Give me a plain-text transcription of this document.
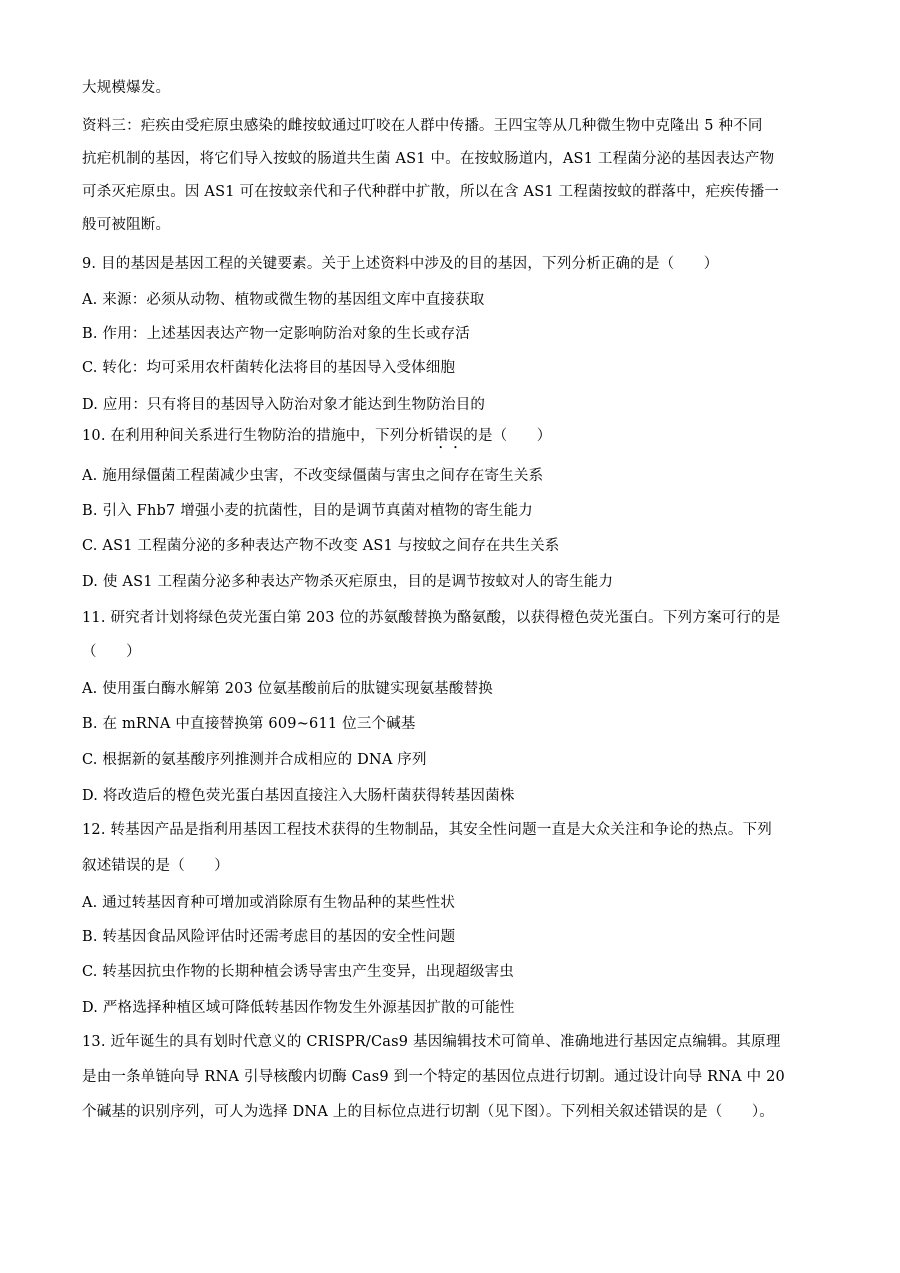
大规模爆发。
资料三：疟疾由受疟原虫感染的雌按蚊通过叮咬在人群中传播。王四宝等从几种微生物中克隆出 5 种不同
抗疟机制的基因，将它们导入按蚊的肠道共生菌 AS1 中。在按蚊肠道内，AS1 工程菌分泌的基因表达产物
可杀灭疟原虫。因 AS1 可在按蚊亲代和子代种群中扩散，所以在含 AS1 工程菌按蚊的群落中，疟疾传播一
般可被阻断。
9. 目的基因是基因工程的关键要素。关于上述资料中涉及的目的基因，下列分析正确的是（　　）
A. 来源：必须从动物、植物或微生物的基因组文库中直接获取
B. 作用：上述基因表达产物一定影响防治对象的生长或存活
C. 转化：均可采用农杆菌转化法将目的基因导入受体细胞
D. 应用：只有将目的基因导入防治对象才能达到生物防治目的
10. 在利用种间关系进行生物防治的措施中，下列分析错误的是（　　）
A. 施用绿僵菌工程菌减少虫害，不改变绿僵菌与害虫之间存在寄生关系
B. 引入 Fhb7 增强小麦的抗菌性，目的是调节真菌对植物的寄生能力
C. AS1 工程菌分泌的多种表达产物不改变 AS1 与按蚊之间存在共生关系
D. 使 AS1 工程菌分泌多种表达产物杀灭疟原虫，目的是调节按蚊对人的寄生能力
11. 研究者计划将绿色荧光蛋白第 203 位的苏氨酸替换为酪氨酸，以获得橙色荧光蛋白。下列方案可行的是
（　　）
A. 使用蛋白酶水解第 203 位氨基酸前后的肽键实现氨基酸替换
B. 在 mRNA 中直接替换第 609~611 位三个碱基
C. 根据新的氨基酸序列推测并合成相应的 DNA 序列
D. 将改造后的橙色荧光蛋白基因直接注入大肠杆菌获得转基因菌株
12. 转基因产品是指利用基因工程技术获得的生物制品，其安全性问题一直是大众关注和争论的热点。下列
叙述错误的是（　　）
A. 通过转基因育种可增加或消除原有生物品种的某些性状
B. 转基因食品风险评估时还需考虑目的基因的安全性问题
C. 转基因抗虫作物的长期种植会诱导害虫产生变异，出现超级害虫
D. 严格选择种植区域可降低转基因作物发生外源基因扩散的可能性
13. 近年诞生的具有划时代意义的 CRISPR/Cas9 基因编辑技术可简单、准确地进行基因定点编辑。其原理
是由一条单链向导 RNA 引导核酸内切酶 Cas9 到一个特定的基因位点进行切割。通过设计向导 RNA 中 20
个碱基的识别序列，可人为选择 DNA 上的目标位点进行切割（见下图）。下列相关叙述错误的是（　　）。
